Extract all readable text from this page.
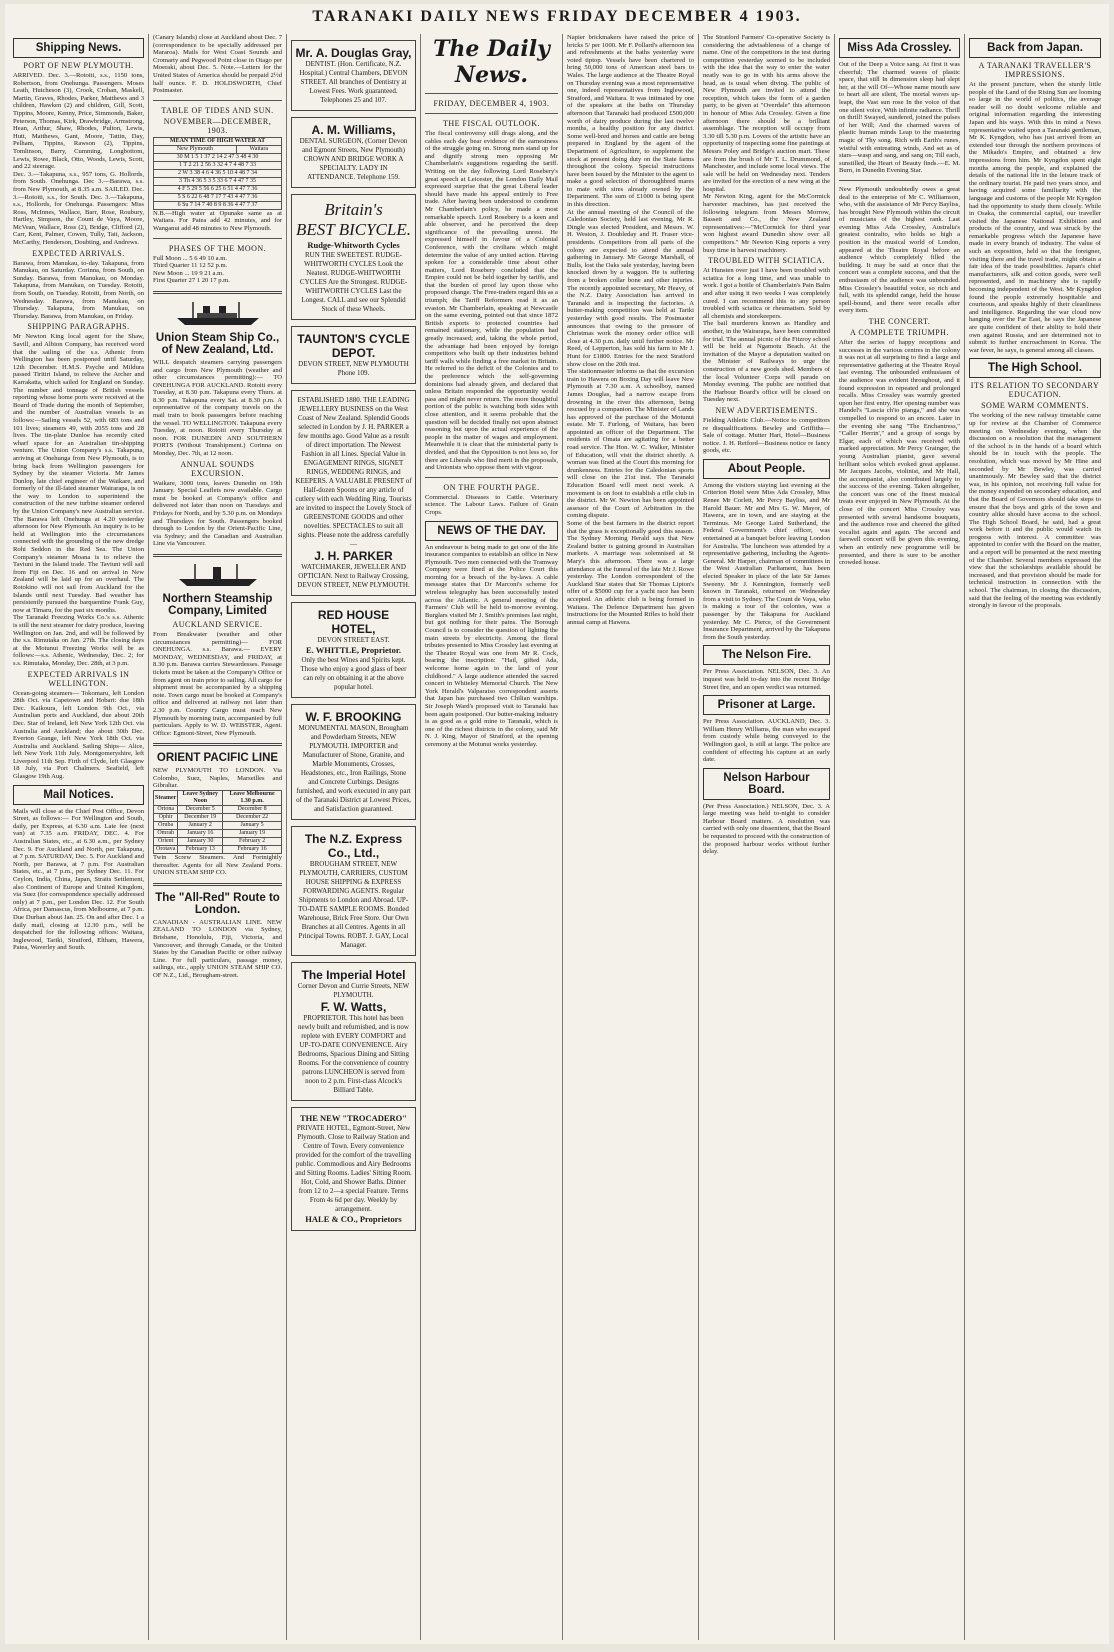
TARANAKI DAILY NEWS FRIDAY DECEMBER 4 1903.
Shipping News.
PORT OF NEW PLYMOUTH.

ARRIVED. Dec. 3.—Rotoiti, s.s., 1150 tons, Robertson, from Onehunga. Passengers. Moses Leath, Hutcheson (3), Crook, Crohan, Maskell, Martin, Graves, Rhodes, Parker, Matthews and 3 children, Hawken (2) and children, Gill, Scott, Tippins, Moore, Kenny, Price, Simmonds, Baker, Peterson, Thomas, Kirk, Drawbridge, Armstrong, Hean, Arthur, Shaw, Rhodes, Pulton, Lewis, Hutt, Matthews, Gant, Moore, Tattin, Day, Pelham, Tippins, Rawson (2), Tippins, Tomlinson, Barry, Cumming, Longbottom, Lewis, Rowe, Black, Otto, Woods, Lewis, Scott, and 22 steerage.

Dec. 3.—Takapuna, s.s., 957 tons, G. Hollords, from South. Onehunga. Dec 3.—Barawa, s.s. from New Plymouth, at 8.35 a.m. SAILED. Dec. 3.—Rotoiti, s.s., for South. Dec. 3.—Takapuna, s.s., Hollords, for Onehunga. Passengers: Miss Ross, McInnes, Wallace, Barr, Rose, Roubury, Hartley, Simpson, the Count de Vaya, Moore, McVean, Wallace, Ross (2), Bridge, Clifford (2), Carr, Kent, Palmer, Cowen, Tully, Tait, Jackson, McCarthy, Henderson, Doubting, and Andrews.

EXPECTED ARRIVALS.

Barawa, from Manukau, to-day. Takapuna, from Manukau, on Saturday. Corinna, from South, on Sunday. Barawa, from Manukau, on Monday. Takapuna, from Manukau, on Tuesday. Rotoiti, from South, on Tuesday. Rotoiti, from North, on Wednesday. Barawa, from Manukau, on Thursday. Takapuna, from Manukau, on Thursday. Barawa, from Manukau, on Friday.

SHIPPING PARAGRAPHS.

Mr Newton King local agent for the Shaw, Savill, and Albion Company, has received word that the sailing of the s.s. Athenic from Wellington has been postponed until Saturday, 12th December. H.M.S. Psyche and Mildura passed Tiritiri Island, to relieve the Archer and Karrakatta, which sailed for England on Sunday. The number and tonnage of British vessels reporting whose home ports were received at the Board of Trade during the month of September, and the number of Australian vessels is as follows:—Sailing vessels 52, with 683 tons and 101 lives; steamers 49, with 2055 tons and 28 lives. The tin-plate Dunloe has recently cited wharf space for an Australian tin-shipping venture. The Union Company's s.s. Takapuna, arriving at Onehunga from New Plymouth, is to bring back from Wellington passengers for Sydney by the steamer Victoria. Mr James Dunlop, late chief engineer of the Waikare, and formerly of the ill-fated steamer Wairarapa, is on the way to London to superintend the construction of the new turbine steamer ordered by the Union Company's new Australian service. The Barawa left Onehunga at 4.20 yesterday afternoon for New Plymouth. An inquiry is to be held at Wellington into the circumstances connected with the grounding of the new dredge Rohi Seddon in the Red Sea. The Union Company's steamer Moana is to relieve the Taviuni in the Island trade. The Taviuni will sail from Fiji on Dec. 16 and on arrival in New Zealand will be laid up for an overhaul. The Rotokino will not sail from Auckland for the Islands until next Tuesday. Bad weather has persistently pursued the barquentine Frank Guy, now at Timaru, for the past six months.

The Taranaki Freezing Works Co.'s s.s. Athenic is still the next steamer for dairy produce, leaving Wellington on Jan. 2nd, and will be followed by the s.s. Rimutaka on Jan. 27th. The closing days at the Motunui Freezing Works will be as follows:—s.s. Athenic, Wednesday, Dec. 2; for s.s. Rimutaka, Monday, Dec. 28th, at 3 p.m.

EXPECTED ARRIVALS IN WELLINGTON.

Ocean-going steamers— Tokomaru, left London 28th Oct. via Capetown and Hobart: due 18th Dec. Kaikoura, left London 9th Oct., via Australian ports and Auckland, due about 20th Dec. Star of Ireland, left New York 12th Oct. via Australia and Auckland; due about 30th Dec. Everton Grange, left New York 18th Oct. via Australia and Auckland. Sailing Ships— Alice, left New York 11th July. Montgomeryshire, left Liverpool 11th Sep. Firth of Clyde, left Glasgow 18 July, via Port Chalmers. Seafield, left Glasgow 19th Aug.

Mail Notices.

Mails will close at the Chief Post Office, Devon Street, as follows:— For Wellington and South, daily, per Express, at 6.30 a.m. Late fee (next van) at 7.35 a.m. FRIDAY, DEC. 4. For Australian States, etc., at 6.30 a.m., per Sydney Dec. 9. For Auckland and North, per Takapuna, at 7 p.m. SATURDAY, Dec. 5. For Auckland and North, per Barawa, at 7 p.m. For Australian States, etc., at 7 p.m., per Sydney Dec. 11. For Ceylon, India, China, Japan, Straits Settlement, also Continent of Europe and United Kingdom, via Suez (for correspondence specially addressed only) at 7 p.m., per London Dec. 12. For South Africa, per Damascus, from Melbourne, at 7 p.m. Due Durban about Jan. 25. On and after Dec. 1 a daily mail, closing at 12.30 p.m., will be despatched for the following offices: Waitara, Inglewood, Tariki, Stratford, Eltham, Hawera, Patea, Waverley and South.

(Canary Islands) close at Auckland about Dec. 7 (correspondence to be specially addressed per Mararoa). Mails for West Coast Sounds and Cromarty and Pegwood Point close in Otago per Moeraki, about Dec. 5. Note.—Letters for the United States of America should be prepaid 2½d half ounce. F. D. HOLDSWORTH, Chief Postmaster.

TABLE OF TIDES AND SUN.
NOVEMBER—DECEMBER, 1903.
MEAN TIME OF HIGH WATER AT
New Plymouth	Waitara
30 M 1 5 1 37 2 14 2 47 3 48 4 30
1 T 2 21 2 56 3 32 4 7 4 48 7 33
2 W 3 38 4 6 4 36 5 10 4 48 7 34
3 Th 4 36 5 3 5 33 6 7 4 47 7 35
4 F 5 29 5 56 6 25 6 51 4 47 7 36
5 S 6 22 6 48 7 17 7 43 4 47 7 36
6 Su 7 14 7 40 8 9 8 36 4 47 7 37

N.B.—High water at Opunake same as at Waitara. For Patea add 42 minutes, and for Wanganui add 48 minutes to New Plymouth.

PHASES OF THE MOON.

Full Moon ... 5 6 49 10 a.m.

Third Quarter 11 12 52 p.m.

New Moon ... 19 9 21 a.m.

First Quarter 27 1 20 17 p.m.

Union Steam Ship Co., of New Zealand, Ltd.

WILL despatch steamers carrying passengers and cargo from New Plymouth (weather and other circumstances permitting):— TO ONEHUNGA FOR AUCKLAND. Rotoiti every Tuesday, at 8.30 p.m. Takapuna every Thurs. at 8.30 p.m. Takapuna every Sat. at 8.30 p.m. A representative of the company travels on the mail train to book passengers before reaching the vessel. TO WELLINGTON. Takapuna every Tuesday, at noon. Rotoiti every Thursday at noon. FOR DUNEDIN AND SOUTHERN PORTS (Without Transhipment.) Corinna on Monday, Dec. 7th, at 12 noon.

ANNUAL SOUNDS EXCURSION.

Waikare, 3000 tons, leaves Dunedin on 19th January. Special Leaflets now available. Cargo must be booked at Company's office and delivered not later than noon on Tuesdays and Fridays for North, and by 5.30 p.m. on Mondays and Thursdays for South. Passengers booked through to London by the Orient-Pacific Line, via Sydney; and the Canadian and Australian Line via Vancouver.

Northern Steamship Company, Limited
AUCKLAND SERVICE.

From Breakwater (weather and other circumstances permitting)— FOR ONEHUNGA. s.s. Barawa.— EVERY MONDAY, WEDNESDAY, and FRIDAY, at 8.30 p.m. Barawa carries Stewardesses. Passage tickets must be taken at the Company's Office or from agent on train prior to sailing. All cargo for shipment must be accompanied by a shipping note. Town cargo must be booked at Company's office and delivered at railway not later than 2.30 p.m. Country Cargo must reach New Plymouth by morning train, accompanied by full particulars. Apply to W. D. WEBSTER, Agent. Office: Egmont-Street, New Plymouth.

ORIENT PACIFIC LINE

NEW PLYMOUTH TO LONDON. Via Colombo, Suez, Naples, Marseilles and Gibraltar.

Steamer	Leave Sydney Noon	Leave Melbourne 1.30 p.m.
Ortona	December 5	December 8
Ophir	December 19	December 22
Oruba	January 2	January 5
Omrah	January 16	January 19
Orient	January 30	February 2
Orotava	February 13	February 16

Twin Screw Steamers. And Fortnightly thereafter. Agents for all New Zealand Ports. UNION STEAM SHIP CO.

The "All-Red" Route to London.

CANADIAN - AUSTRALIAN LINE. NEW ZEALAND TO LONDON via Sydney, Brisbane, Honolulu, Fiji, Victoria, and Vancouver, and through Canada, or the United States by the Canadian Pacific or other railway Line. For full particulars, passage money, sailings, etc., apply UNION STEAM SHIP CO. OF N.Z., Ltd., Brougham-street.

Mr. A. Douglas Gray,
DENTIST. (Hon. Certificate, N.Z. Hospital.) Central Chambers, DEVON STREET. All branches of Dentistry at Lowest Fees. Work guaranteed. Telephones 25 and 107.
A. M. Williams,
DENTAL SURGEON, (Corner Devon and Egmont Streets, New Plymouth) CROWN AND BRIDGE WORK A SPECIALTY. LADY IN ATTENDANCE. Telephone 159.
Britain's
BEST BICYCLE.
Rudge-Whitworth Cycles
RUN THE SWEETEST. RUDGE-WHITWORTH CYCLES Look the Neatest. RUDGE-WHITWORTH CYCLES Are the Strongest. RUDGE-WHITWORTH CYCLES Last the Longest. CALL and see our Splendid Stock of these Wheels.
TAUNTON'S CYCLE DEPOT.
DEVON STREET, NEW PLYMOUTH Phone 109.
ESTABLISHED 1880. THE LEADING JEWELLERY BUSINESS on the West Coast of New Zealand. Splendid Goods selected in London by J. H. PARKER a few months ago. Good Value as a result of direct importation. The Newest Fashion in all Lines. Special Value in ENGAGEMENT RINGS, SIGNET RINGS, WEDDING RINGS, and KEEPERS. A VALUABLE PRESENT of Half-dozen Spoons or any article of cutlery with each Wedding Ring. Tourists are invited to inspect the Lovely Stock of GREENSTONE GOODS and other novelties. SPECTACLES to suit all sights. Please note the address carefully—
J. H. PARKER
WATCHMAKER, JEWELLER AND OPTICIAN. Next to Railway Crossing, DEVON STREET, NEW PLYMOUTH.
RED HOUSE HOTEL,
DEVON STREET EAST.
E. WHITTLE, Proprietor.
Only the best Wines and Spirits kept. Those who enjoy a good glass of beer can rely on obtaining it at the above popular hotel.
W. F. BROOKING
MONUMENTAL MASON, Brougham and Powderham Streets, NEW PLYMOUTH. IMPORTER and Manufacturer of Stone, Granite, and Marble Monuments, Crosses, Headstones, etc., Iron Railings, Stone and Concrete Curbings. Designs furnished, and work executed in any part of the Taranaki District at Lowest Prices, and Satisfaction guaranteed.
The N.Z. Express Co., Ltd.,
BROUGHAM STREET, NEW PLYMOUTH, CARRIERS, CUSTOM HOUSE SHIPPING & EXPRESS FORWARDING AGENTS. Regular Shipments to London and Abroad. UP-TO-DATE SAMPLE ROOMS. Bonded Warehouse, Brick Free Store. Our Own Branches at all Centres. Agents in all Principal Towns. ROBT. J. GAY, Local Manager.
The Imperial Hotel
Corner Devon and Currie Streets, NEW PLYMOUTH.
F. W. Watts,
PROPRIETOR. This hotel has been newly built and refurnished, and is now replete with EVERY COMFORT and UP-TO-DATE CONVENIENCE. Airy Bedrooms, Spacious Dining and Sitting Rooms. For the convenience of country patrons LUNCHEON is served from noon to 2 p.m. First-class Alcock's Billiard Table.
THE NEW "TROCADERO"
PRIVATE HOTEL, Egmont-Street, New Plymouth. Close to Railway Station and Centre of Town. Every convenience provided for the comfort of the travelling public. Commodious and Airy Bedrooms and Sitting Rooms. Ladies' Sitting Room. Hot, Cold, and Shower Baths. Dinner from 12 to 2—a special Feature. Terms From 4s 6d per day. Weekly by arrangement.
HALE & CO., Proprietors
The Daily News.
FRIDAY, DECEMBER 4, 1903.
THE FISCAL OUTLOOK.

The fiscal controversy still drags along, and the cables each day bear evidence of the earnestness of the struggle going on. Strong men stand up for and dignify strong men opposing Mr Chamberlain's suggestions regarding the tariff. Writing on the day following Lord Rosebery's great speech at Leicester, the London Daily Mail expressed surprise that the great Liberal leader should have made his appeal entirely to Free trade. After having been understood to condemn Mr Chamberlain's policy, he made a most remarkable speech. Lord Rosebery is a keen and able observer, and he perceived the deep significance of the prevailing unrest. He expressed himself in favour of a Colonial Conference, with the civilians which might determine the value of any united action. Having spoken for a considerable time about other matters, Lord Rosebery concluded that the Empire could not be held together by tariffs, and that the burden of proof lay upon those who proposed change. The Free-traders regard this as a triumph; the Tariff Reformers read it as an evasion. Mr Chamberlain, speaking at Newcastle on the same evening, pointed out that since 1872 British exports to protected countries had remained stationary, while the population had greatly increased; and, taking the whole period, the advantage had been enjoyed by foreign competitors who built up their industries behind tariff walls while finding a free market in Britain. He referred to the deficit of the Colonies and to the preference which the self-governing dominions had already given, and declared that unless Britain responded the opportunity would pass and might never return. The more thoughtful portion of the public is watching both sides with close attention, and it seems probable that the question will be decided finally not upon abstract reasoning but upon the actual experience of the people in the matter of wages and employment. Meanwhile it is clear that the ministerial party is divided, and that the Opposition is not less so, for there are Liberals who find merit in the proposals, and Unionists who oppose them with vigour.

ON THE FOURTH PAGE.

Commercial. Diseases to Cattle. Veterinary science. The Labour Laws. Failure of Grain Crops.

NEWS OF THE DAY.

An endeavour is being made to get one of the life insurance companies to establish an office in New Plymouth. Two men connected with the Tramway Company were fined at the Police Court this morning for a breach of the by-laws. A cable message states that Dr Marconi's scheme for wireless telegraphy has been successfully tested across the Atlantic. A general meeting of the Farmers' Club will be held to-morrow evening. Burglars visited Mr J. Smith's premises last night, but got nothing for their pains. The Borough Council is to consider the question of lighting the main streets by electricity. Among the floral tributes presented to Miss Crossley last evening at the Theatre Royal was one from Mr R. Cock, bearing the inscription: "Hail, gifted Ada, welcome home again to the land of your childhood." A large audience attended the sacred concert in Whiteley Memorial Church. The New York Herald's Valparaiso correspondent asserts that Japan has purchased two Chilian warships. Sir Joseph Ward's proposed visit to Taranaki has been again postponed. Our butter-making industry is as good as a gold mine to Taranaki, which is one of the richest districts in the colony, said Mr N. J. King, Mayor of Stratford, at the opening ceremony at the Motunui works yesterday.

Napier brickmakers have raised the price of bricks 5/ per 1000. Mr F. Pollard's afternoon tea and refreshments at the baths yesterday were voted tiptop. Vessels have been chartered to bring 50,000 tons of American steel bars to Wales. The large audience at the Theatre Royal on Thursday evening was a most representative one, indeed representatives from Inglewood, Stratford, and Waitara. It was intimated by one of the speakers at the baths on Thursday afternoon that Taranaki had produced £500,000 worth of dairy produce during the last twelve months, a healthy position for any district. Some well-bred and horses and cattle are being prepared in England by the agent of the Department of Agriculture, to supplement the stock at present doing duty on the State farms throughout the colony. Special instructions have been issued by the Minister to the agent to make a good selection of thoroughbred mares to mate with sires already owned by the Department. The sum of £1000 is being spent in this direction.

At the annual meeting of the Council of the Caledonian Society, held last evening, Mr R. Dingle was elected President, and Messrs. W. H. Weston, J. Doubleday and H. Fraser vice-presidents. Competitors from all parts of the colony are expected to attend the annual gathering in January. Mr George Marshall, of Bulls, lost the Oaks sale yesterday, having been knocked down by a waggon. He is suffering from a broken collar bone and other injuries. The recently appointed secretary, Mr Heavy, of the N.Z. Dairy Association has arrived in Taranaki and is inspecting the factories. A butter-making competition was held at Tariki yesterday with good results. The Postmaster announces that owing to the pressure of Christmas work the money order office will close at 4.30 p.m. daily until further notice. Mr Reed, of Lepperton, has sold his farm to Mr J. Hunt for £1800. Entries for the next Stratford show close on the 20th inst.

The stationmaster informs us that the excursion train to Hawera on Boxing Day will leave New Plymouth at 7.30 a.m. A schoolboy, named James Douglas, had a narrow escape from drowning in the river this afternoon, being rescued by a companion. The Minister of Lands has approved of the purchase of the Motunui estate. Mr T. Furlong, of Waitara, has been appointed an officer of the Department. The residents of Omata are agitating for a better road service. The Hon. W. C. Walker, Minister of Education, will visit the district shortly. A woman was fined at the Court this morning for drunkenness. Entries for the Caledonian sports will close on the 21st inst. The Taranaki Education Board will meet next week. A movement is on foot to establish a rifle club in the district. Mr W. Newton has been appointed assessor of the Court of Arbitration in the coming dispute.

Some of the best farmers in the district report that the grass is exceptionally good this season. The Sydney Morning Herald says that New Zealand butter is gaining ground in Australian markets. A marriage was solemnised at St Mary's this afternoon. There was a large attendance at the funeral of the late Mr J. Rowe yesterday. The London correspondent of the Auckland Star states that Sir Thomas Lipton's offer of a $5000 cup for a yacht race has been accepted. An athletic club is being formed in Waitara. The Defence Department has given instructions for the Mounted Rifles to hold their annual camp at Hawera.

The Stratford Farmers' Co-operative Society is considering the advisableness of a change of name. One of the competitors in the test during competition yesterday seemed to be included with the idea that the way to enter the water neatly was to go in with his arms above the head, as is usual when diving. The public of New Plymouth are invited to attend the reception, which takes the form of a garden party, to be given at "Overdale" this afternoon in honour of Miss Ada Crossley. Given a fine afternoon there should be a brilliant assemblage. The reception will occupy from 3.30 till 5.30 p.m. Lovers of the artistic have an opportunity of inspecting some fine paintings at Messrs Poley and Bridge's auction mart. These are from the brush of Mr T. L. Drummond, of Manchester, and include some local views. The sale will be held on Wednesday next. Tenders are invited for the erection of a new wing at the hospital.

Mr Newton King, agent for the McCormick harvester machines, has just received the following telegram from Messrs Morrow, Bassett and Co., the New Zealand representatives:—"McCormick for third year won highest award Dunedin show over all competitors." Mr Newton King reports a very busy time in harvest machinery.

TROUBLED WITH SCIATICA.

At Hunsten over just I have been troubled with sciatica for a long time, and was unable to work. I got a bottle of Chamberlain's Pain Balm and after using it two weeks I was completely cured. I can recommend this to any person troubled with sciatica or rheumatism. Sold by all chemists and storekeepers.

The bail murderers known as Handley and another, in the Wairarapa, have been committed for trial. The annual picnic of the Fitzroy school will be held at Ngamotu Beach. At the invitation of the Mayor a deputation waited on the Minister of Railways to urge the construction of a new goods shed. Members of the local Volunteer Corps will parade on Monday evening. The public are notified that the Harbour Board's office will be closed on Tuesday next.

NEW ADVERTISEMENTS.

Fielding Athletic Club.—Notice to competitors re disqualifications. Bewley and Griffiths—Sale of cottage. Mutter Hart, Hotel—Business notice. J. H. Retford—Business notice re fancy goods, etc.

About People.

Among the visitors staying last evening at the Criterion Hotel were Miss Ada Crossley, Miss Renee Mr Corlett, Mr Percy Bayliss, and Mr Harold Bauer. Mr and Mrs G. W. Mayor, of Hawera, are in town, and are staying at the Terminus. Mr George Laird Sutherland, the Federal Government's chief officer, was entertained at a banquet before leaving London for Australia. The luncheon was attended by a representative gathering, including the Agents-General. Mr Harper, chairman of committees in the West Australian Parliament, has been elected Speaker in place of the late Sir James Sweeny. Mr J. Kennington, formerly well known in Taranaki, returned on Wednesday from a visit to Sydney. The Count de Vaya, who is making a tour of the colonies, was a passenger by the Takapuna for Auckland yesterday. Mr C. Pierce, of the Government Insurance Department, arrived by the Takapuna from the South yesterday.

The Nelson Fire.

Per Press Association. NELSON, Dec. 3. An inquest was held to-day into the recent Bridge Street fire, and an open verdict was returned.

Prisoner at Large.

Per Press Association. AUCKLAND, Dec. 3. William Henry Williams, the man who escaped from custody while being conveyed to the Wellington gaol, is still at large. The police are confident of effecting his capture at an early date.

Nelson Harbour Board.

(Per Press Association.) NELSON, Dec. 3. A large meeting was held to-night to consider Harbour Board matters. A resolution was carried with only one dissentient, that the Board be requested to proceed with the construction of the proposed harbour works without further delay.

Miss Ada Crossley.

Out of the Deep a Voice sang. At first it was cheerful; The charmed waves of plastic space, that still In dimension sleep had slept her, at the will Of—Whose name mouth saw to heart all are silent, The mortal waves up-leapt, the Vast sun rose In the voice of that one silent voice, With infinite radiance. Thrill on thrill! Swayed, sundered, joined the pulses of her Will; And the charmed waves of plastic human minds Leap to the mastering magic of Thy song. Rich with Earth's runes, wistful with entreating winds, And set as of stars—wasp and sang, and sang on; Till each, sunstilled, the Heart of Beauty finds.—E. M. Burn, in Dunedin Evening Star.

New Plymouth undoubtedly owes a great deal to the enterprise of Mr C. Williamson, who, with the assistance of Mr Percy Bayliss, has brought New Plymouth within the circuit of musicians of the highest rank. Last evening Miss Ada Crossley, Australia's greatest contralto, who holds so high a position in the musical world of London, appeared at the Theatre Royal before an audience which completely filled the building. It may be said at once that the concert was a complete success, and that the enthusiasm of the audience was unbounded. Miss Crossley's beautiful voice, so rich and full, with its splendid range, held the house spell-bound, and there were recalls after every item.

THE CONCERT.
A COMPLETE TRIUMPH.

After the series of happy receptions and successes in the various centres in the colony it was not at all surprising to find a large and representative gathering at the Theatre Royal last evening. The unbounded enthusiasm of the audience was evident throughout, and it found expression in repeated and prolonged recalls. Miss Crossley was warmly greeted upon her first entry. Her opening number was Handel's "Lascia ch'io pianga," and she was compelled to respond to an encore. Later in the evening she sang "The Enchantress," "Caller Herrin'," and a group of songs by Elgar, each of which was received with marked appreciation. Mr Percy Grainger, the young Australian pianist, gave several brilliant solos which evoked great applause. Mr Jacques Jacobs, violinist, and Mr Hall, the accompanist, also contributed largely to the success of the evening. Taken altogether, the concert was one of the finest musical treats ever enjoyed in New Plymouth. At the close of the concert Miss Crossley was presented with several handsome bouquets, and the audience rose and cheered the gifted vocalist again and again. The second and farewell concert will be given this evening, when an entirely new programme will be presented, and there is sure to be another crowded house.

Back from Japan.
A TARANAKI TRAVELLER'S IMPRESSIONS.

At the present juncture, when the sturdy little people of the Land of the Rising Sun are looming so large in the world of politics, the average reader will no doubt welcome reliable and original information regarding the interesting Japan and his ways. With this in mind a News representative waited upon a Taranaki gentleman, Mr K. Kyngdon, who has just arrived from an extended tour through the northern provinces of the Mikado's Empire, and obtained a few impressions from him. Mr Kyngdon spent eight months among the people, and explained the details of the national life in the leisure track of the ordinary tourist. He paid two years since, and having acquired some familiarity with the language and customs of the people Mr Kyngdon had the opportunity to study them closely. While in Osaka, the commercial capital, our traveller visited the Japanese National Exhibition and products of the country, and was struck by the remarkable progress which the Japanese have made in every branch of industry. The value of such an exposition, held so that the foreigner, visiting there and the travel trade, might obtain a fair idea of the trade possibilities. Japan's chief manufacturers, silk and cotton goods, were well represented, and in machinery she is rapidly becoming independent of the West. Mr Kyngdon found the people extremely hospitable and courteous, and speaks highly of their cleanliness and intelligence. Regarding the war cloud now hanging over the Far East, he says the Japanese are quite confident of their ability to hold their own against Russia, and are determined not to submit to further encroachment in Korea. The war fever, he says, is general among all classes.

The High School.
ITS RELATION TO SECONDARY EDUCATION.
SOME WARM COMMENTS.

The working of the new railway timetable came up for review at the Chamber of Commerce meeting on Wednesday evening, when the discussion on a resolution that the management of the school is in the hands of a board which should be in touch with the people. The resolution, which was moved by Mr Hine and seconded by Mr Bewley, was carried unanimously. Mr Bewley said that the district was, in his opinion, not receiving full value for the money expended on secondary education, and that the Board of Governors should take steps to ensure that the boys and girls of the town and country alike should have access to the school. The High School Board, he said, had a great work before it and the public would watch its progress with interest. A committee was appointed to confer with the Board on the matter, and a report will be presented at the next meeting of the Chamber. Several members expressed the view that the scholarships available should be increased, and that provision should be made for technical instruction in connection with the school. The chairman, in closing the discussion, said that the feeling of the meeting was evidently strongly in favour of the proposals.
